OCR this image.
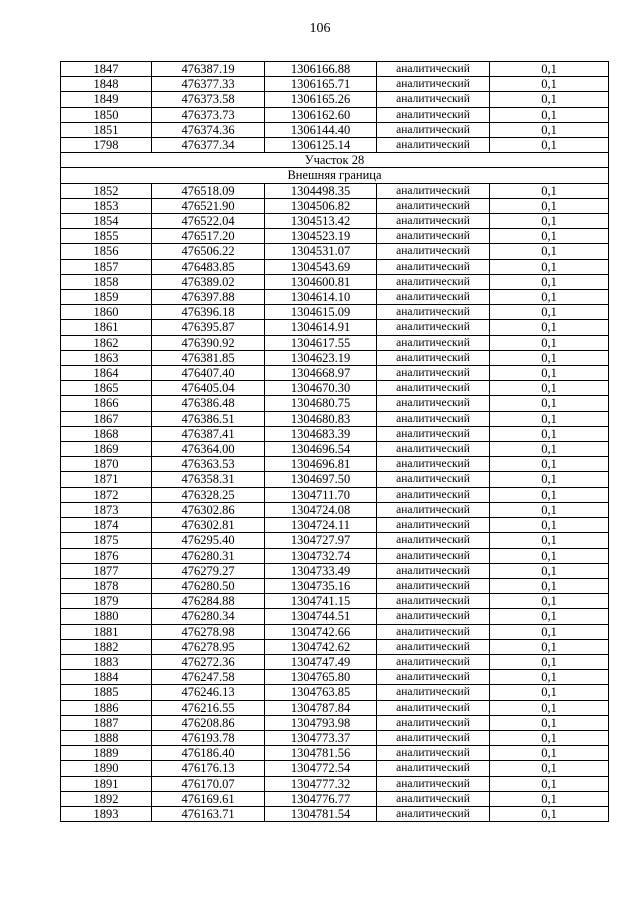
106
1847	476387.19	1306166.88	аналитический	0,1
1848	476377.33	1306165.71	аналитический	0,1
1849	476373.58	1306165.26	аналитический	0,1
1850	476373.73	1306162.60	аналитический	0,1
1851	476374.36	1306144.40	аналитический	0,1
1798	476377.34	1306125.14	аналитический	0,1
Участок 28				
Внешняя граница				
1852	476518.09	1304498.35	аналитический	0,1
1853	476521.90	1304506.82	аналитический	0,1
1854	476522.04	1304513.42	аналитический	0,1
1855	476517.20	1304523.19	аналитический	0,1
1856	476506.22	1304531.07	аналитический	0,1
1857	476483.85	1304543.69	аналитический	0,1
1858	476389.02	1304600.81	аналитический	0,1
1859	476397.88	1304614.10	аналитический	0,1
1860	476396.18	1304615.09	аналитический	0,1
1861	476395.87	1304614.91	аналитический	0,1
1862	476390.92	1304617.55	аналитический	0,1
1863	476381.85	1304623.19	аналитический	0,1
1864	476407.40	1304668.97	аналитический	0,1
1865	476405.04	1304670.30	аналитический	0,1
1866	476386.48	1304680.75	аналитический	0,1
1867	476386.51	1304680.83	аналитический	0,1
1868	476387.41	1304683.39	аналитический	0,1
1869	476364.00	1304696.54	аналитический	0,1
1870	476363.53	1304696.81	аналитический	0,1
1871	476358.31	1304697.50	аналитический	0,1
1872	476328.25	1304711.70	аналитический	0,1
1873	476302.86	1304724.08	аналитический	0,1
1874	476302.81	1304724.11	аналитический	0,1
1875	476295.40	1304727.97	аналитический	0,1
1876	476280.31	1304732.74	аналитический	0,1
1877	476279.27	1304733.49	аналитический	0,1
1878	476280.50	1304735.16	аналитический	0,1
1879	476284.88	1304741.15	аналитический	0,1
1880	476280.34	1304744.51	аналитический	0,1
1881	476278.98	1304742.66	аналитический	0,1
1882	476278.95	1304742.62	аналитический	0,1
1883	476272.36	1304747.49	аналитический	0,1
1884	476247.58	1304765.80	аналитический	0,1
1885	476246.13	1304763.85	аналитический	0,1
1886	476216.55	1304787.84	аналитический	0,1
1887	476208.86	1304793.98	аналитический	0,1
1888	476193.78	1304773.37	аналитический	0,1
1889	476186.40	1304781.56	аналитический	0,1
1890	476176.13	1304772.54	аналитический	0,1
1891	476170.07	1304777.32	аналитический	0,1
1892	476169.61	1304776.77	аналитический	0,1
1893	476163.71	1304781.54	аналитический	0,1
